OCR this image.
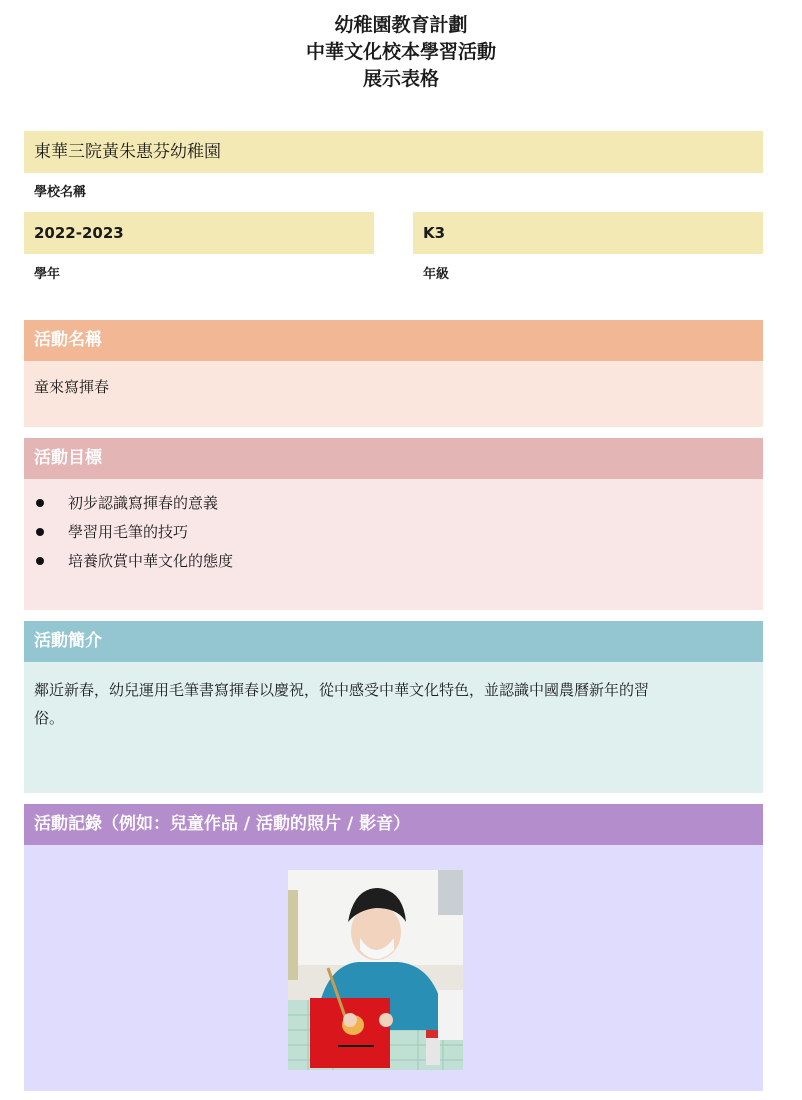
幼稚園教育計劃
中華文化校本學習活動
展示表格
東華三院黃朱惠芬幼稚園
學校名稱
2022-2023
學年
K3
年級
活動名稱
童來寫揮春
活動目標
初步認識寫揮春的意義
學習用毛筆的技巧
培養欣賞中華文化的態度
活動簡介
鄰近新春，幼兒運用毛筆書寫揮春以慶祝，從中感受中華文化特色，並認識中國農曆新年的習
俗。
活動記錄（例如：兒童作品 / 活動的照片 / 影音）
